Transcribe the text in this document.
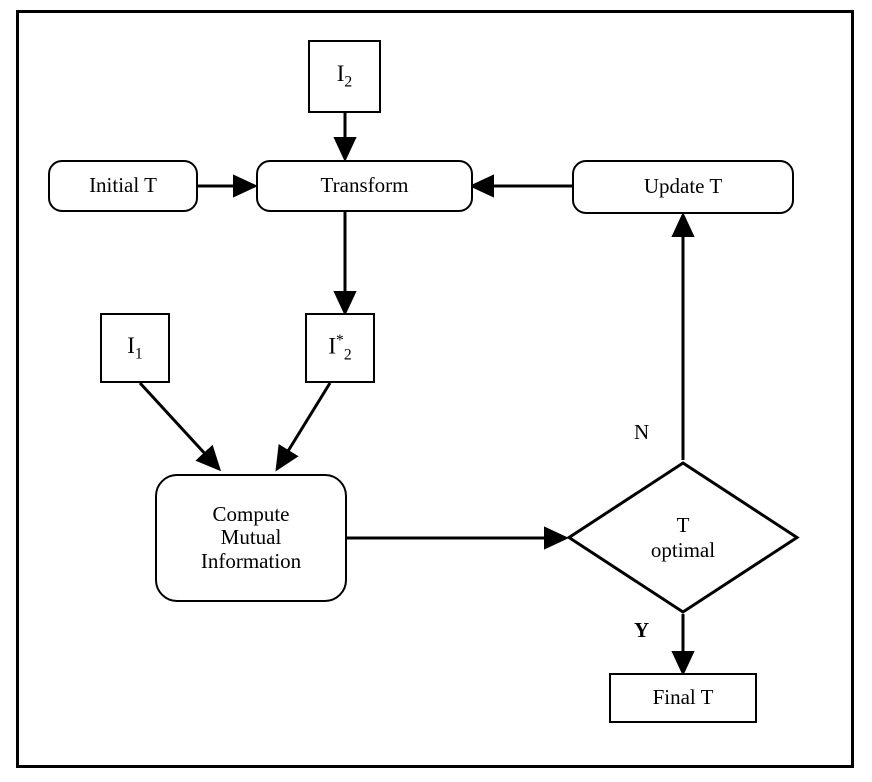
$I_2$
Initial T	Transform	Update T
$I^*_2$
$I_1$
Compute
Mutual
Information
T
optimal
Final T
N
Y
